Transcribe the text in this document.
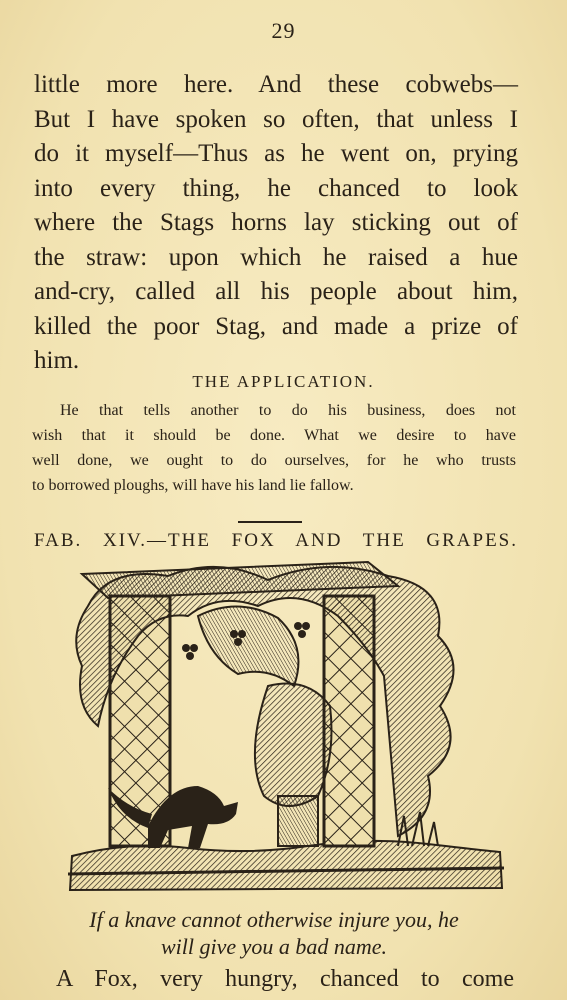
29
little more here. And these cobwebs—
But I have spoken so often, that unless I
do it myself—Thus as he went on, prying
into every thing, he chanced to look
where the Stags horns lay sticking out of
the straw: upon which he raised a hue
and-cry, called all his people about him,
killed the poor Stag, and made a prize of
him.
THE APPLICATION.
He that tells another to do his business, does not
wish that it should be done. What we desire to have
well done, we ought to do ourselves, for he who trusts
to borrowed ploughs, will have his land lie fallow.
FAB. XIV.—THE FOX AND THE GRAPES.
If a knave cannot otherwise injure you, he
will give you a bad name.
A Fox, very hungry, chanced to come
